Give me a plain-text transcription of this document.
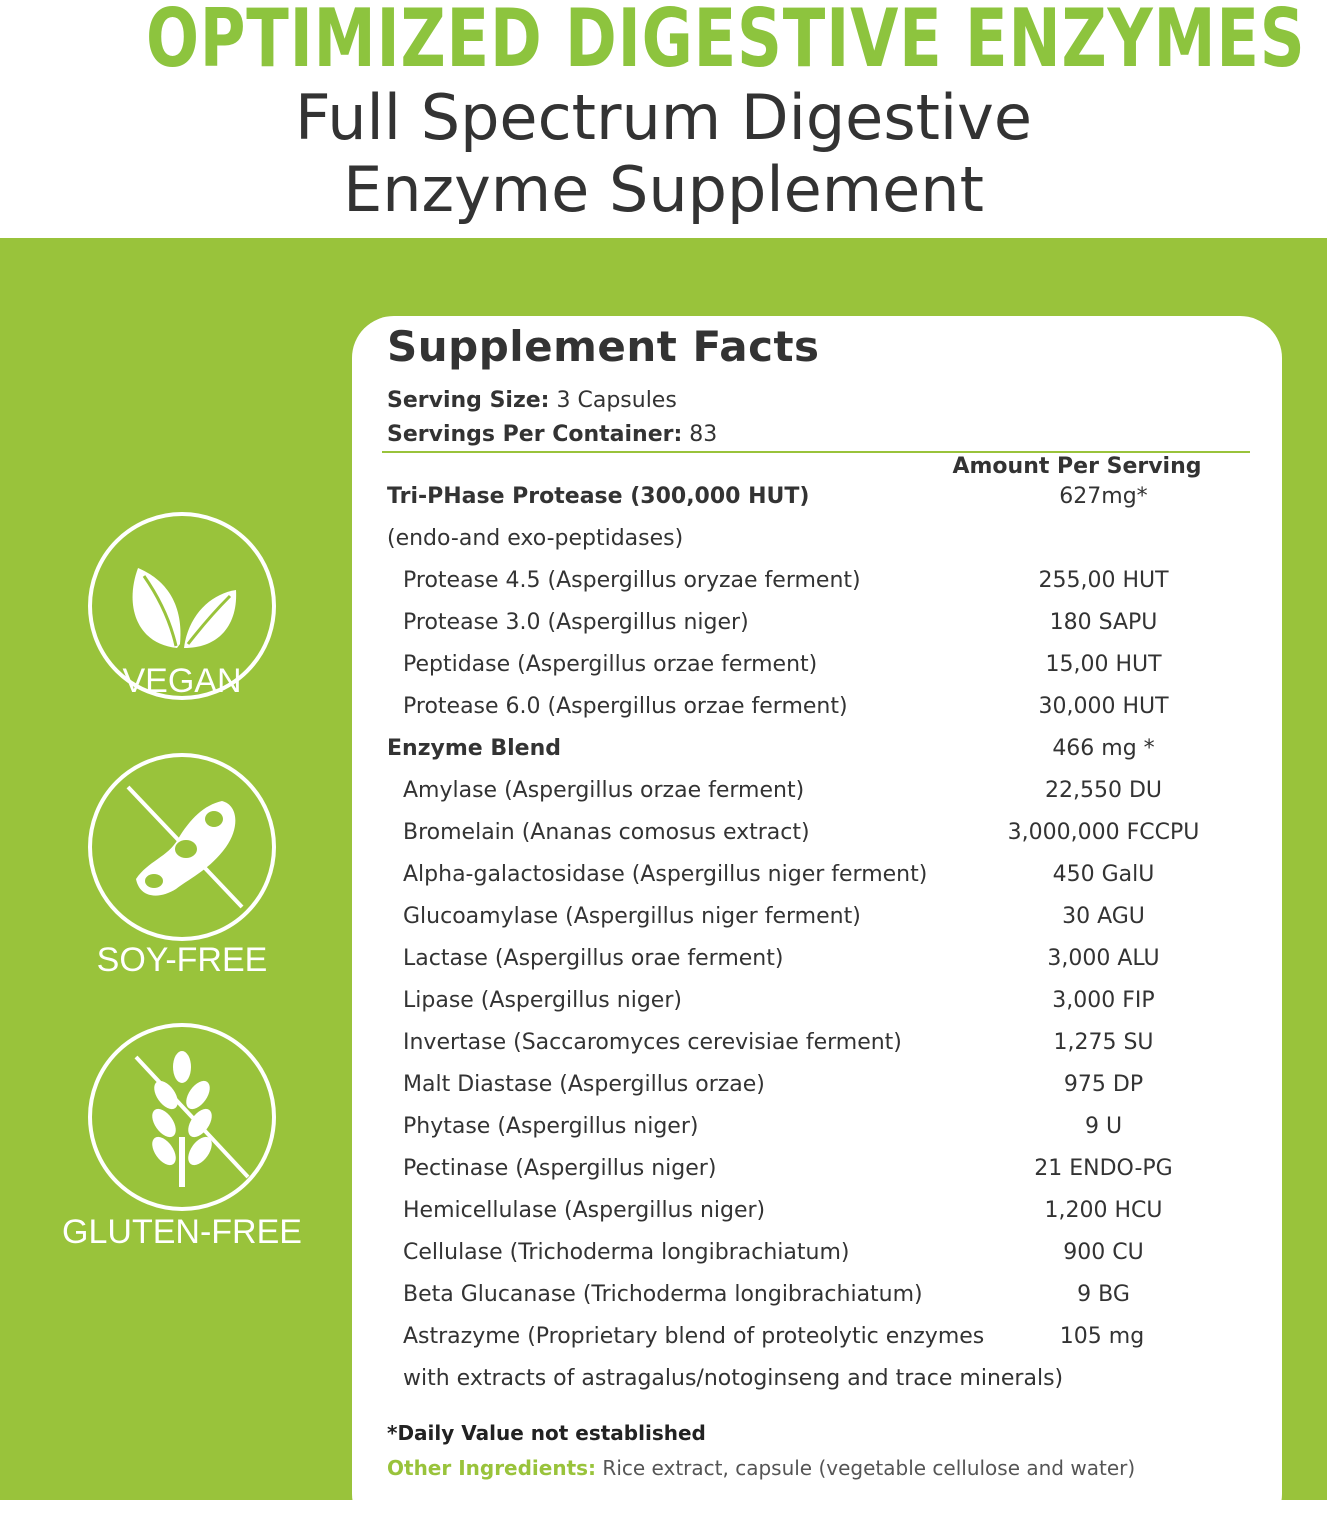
OPTIMIZED DIGESTIVE ENZYMES
Full Spectrum Digestive
Enzyme Supplement
VEGAN
SOY-FREE
GLUTEN-FREE
Supplement Facts
Serving Size: 3 Capsules
Servings Per Container: 83
Amount Per Serving
Tri-PHase Protease (300,000 HUT)	627mg*
(endo-and exo-peptidases)
Protease 4.5 (Aspergillus oryzae ferment)	255,00 HUT
Protease 3.0 (Aspergillus niger)	180 SAPU
Peptidase (Aspergillus orzae ferment)	15,00 HUT
Protease 6.0 (Aspergillus orzae ferment)	30,000 HUT
Enzyme Blend	466 mg *
Amylase (Aspergillus orzae ferment)	22,550 DU
Bromelain (Ananas comosus extract)	3,000,000 FCCPU
Alpha-galactosidase (Aspergillus niger ferment)	450 GalU
Glucoamylase (Aspergillus niger ferment)	30 AGU
Lactase (Aspergillus orae ferment)	3,000 ALU
Lipase (Aspergillus niger)	3,000 FIP
Invertase (Saccaromyces cerevisiae ferment)	1,275 SU
Malt Diastase (Aspergillus orzae)	975 DP
Phytase (Aspergillus niger)	9 U
Pectinase (Aspergillus niger)	21 ENDO-PG
Hemicellulase (Aspergillus niger)	1,200 HCU
Cellulase (Trichoderma longibrachiatum)	900 CU
Beta Glucanase (Trichoderma longibrachiatum)	9 BG
Astrazyme (Proprietary blend of proteolytic enzymes	105 mg
with extracts of astragalus/notoginseng and trace minerals)
*Daily Value not established
Other Ingredients: Rice extract, capsule (vegetable cellulose and water)
